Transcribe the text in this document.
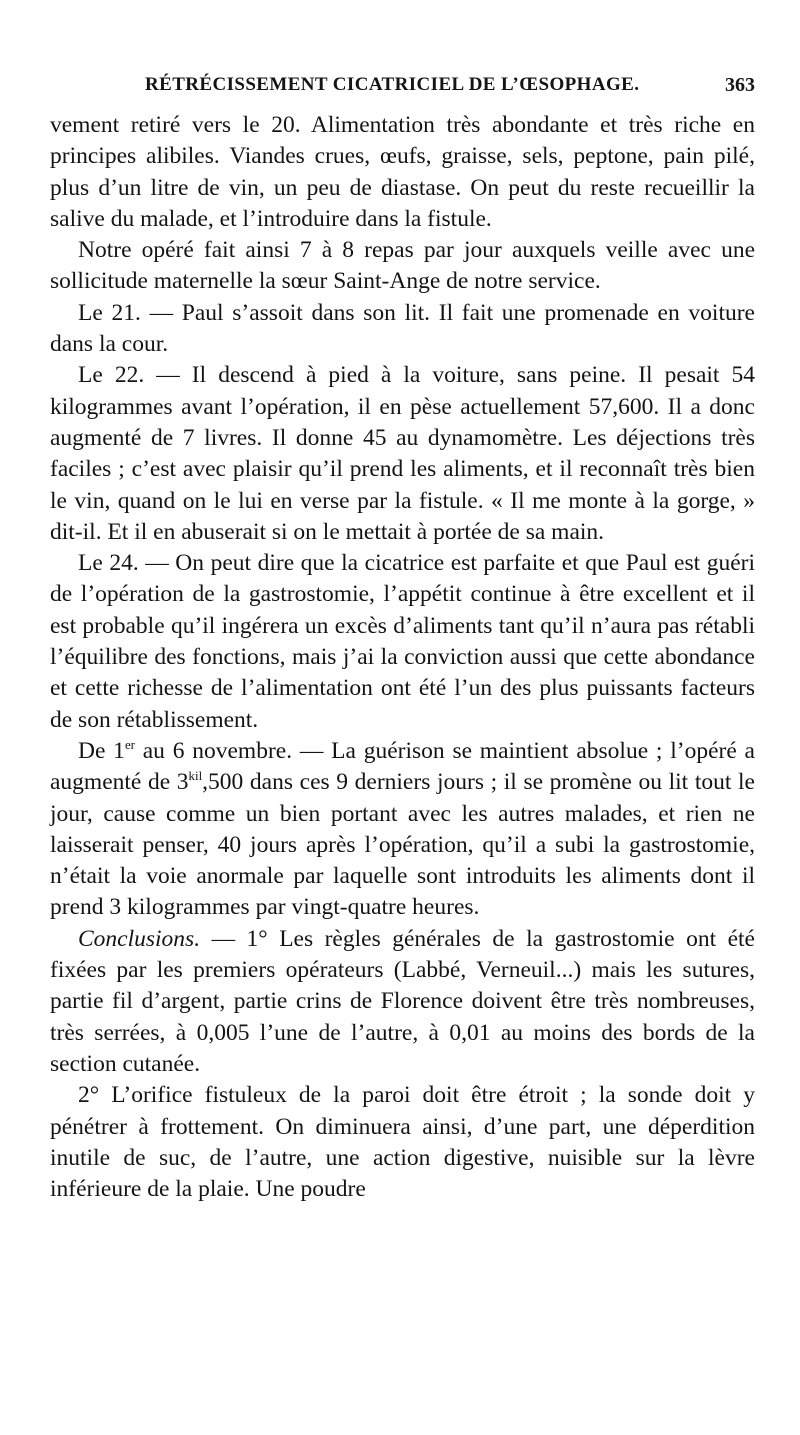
RÉTRÉCISSEMENT CICATRICIEL DE L’ŒSOPHAGE.	363

vement retiré vers le 20. Alimentation très abondante et très riche en principes alibiles. Viandes crues, œufs, graisse, sels, peptone, pain pilé, plus d’un litre de vin, un peu de diastase. On peut du reste recueillir la salive du malade, et l’introduire dans la fistule.

Notre opéré fait ainsi 7 à 8 repas par jour auxquels veille avec une sollicitude maternelle la sœur Saint-Ange de notre service.

Le 21. — Paul s’assoit dans son lit. Il fait une promenade en voiture dans la cour.

Le 22. — Il descend à pied à la voiture, sans peine. Il pesait 54 kilogrammes avant l’opération, il en pèse actuellement 57,600. Il a donc augmenté de 7 livres. Il donne 45 au dynamomètre. Les déjections très faciles ; c’est avec plaisir qu’il prend les aliments, et il reconnaît très bien le vin, quand on le lui en verse par la fistule. « Il me monte à la gorge, » dit-il. Et il en abuserait si on le mettait à portée de sa main.

Le 24. — On peut dire que la cicatrice est parfaite et que Paul est guéri de l’opération de la gastrostomie, l’appétit continue à être excellent et il est probable qu’il ingérera un excès d’aliments tant qu’il n’aura pas rétabli l’équilibre des fonctions, mais j’ai la conviction aussi que cette abondance et cette richesse de l’alimentation ont été l’un des plus puissants facteurs de son rétablissement.

De 1er au 6 novembre. — La guérison se maintient absolue ; l’opéré a augmenté de $3^{kil},500$ dans ces 9 derniers jours ; il se promène ou lit tout le jour, cause comme un bien portant avec les autres malades, et rien ne laisserait penser, 40 jours après l’opération, qu’il a subi la gastrostomie, n’était la voie anormale par laquelle sont introduits les aliments dont il prend 3 kilogrammes par vingt-quatre heures.

Conclusions. — 1° Les règles générales de la gastrostomie ont été fixées par les premiers opérateurs (Labbé, Verneuil...) mais les sutures, partie fil d’argent, partie crins de Florence doivent être très nombreuses, très serrées, à 0,005 l’une de l’autre, à 0,01 au moins des bords de la section cutanée.

2° L’orifice fistuleux de la paroi doit être étroit ; la sonde doit y pénétrer à frottement. On diminuera ainsi, d’une part, une déperdition inutile de suc, de l’autre, une action digestive, nuisible sur la lèvre inférieure de la plaie. Une poudre
